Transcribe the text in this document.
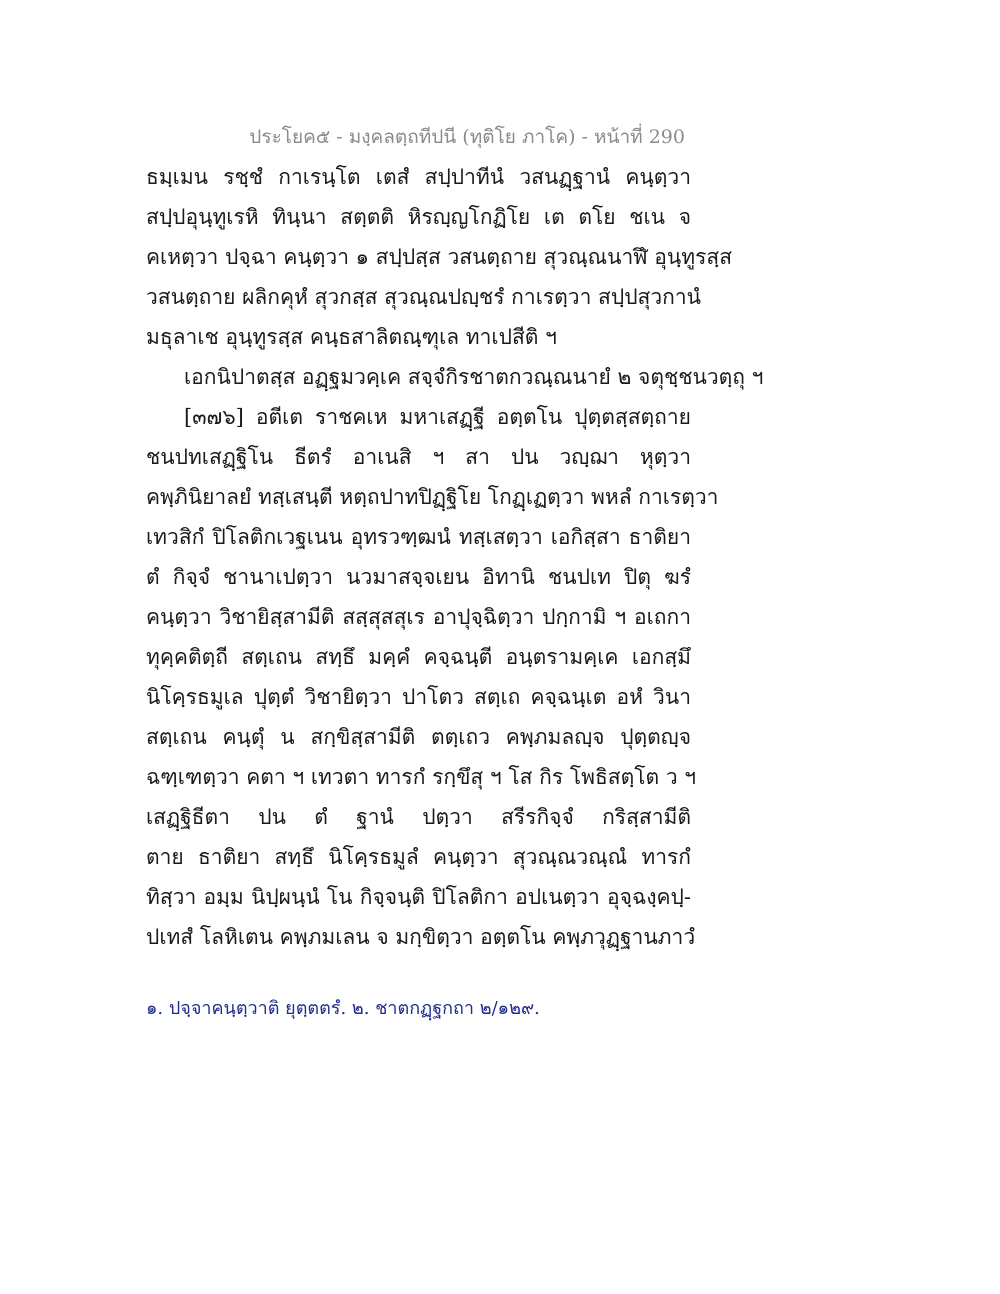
ประโยค๕ - มงฺคลตฺถทีปนี (ทุติโย ภาโค) - หน้าที่ 290
ธมฺเมน รชฺชํ กาเรนฺโต เตสํ สปฺปาทีนํ วสนฏฺฐานํ คนฺตฺวา
สปฺปอุนฺทูเรหิ ทินฺนา สตฺตติ หิรญฺญโกฏิโย เต ตโย ชเน จ
คเหตฺวา ปจฺฉา คนฺตฺวา ๑ สปฺปสฺส วสนตฺถาย สุวณฺณนาฬึ อุนฺทูรสฺส
วสนตฺถาย ผลิกคุหํ สุวกสฺส สุวณฺณปญฺชรํ กาเรตฺวา สปฺปสุวกานํ
มธุลาเช อุนฺทูรสฺส คนฺธสาลิตณฺฑุเล ทาเปสีติ ฯ
เอกนิปาตสฺส อฏฺฐมวคฺเค สจฺจํกิรชาตกวณฺณนายํ ๒ จตุชฺชนวตฺถุ ฯ
[๓๗๖] อตีเต ราชคเห มหาเสฏฺฐี อตฺตโน ปุตฺตสฺสตฺถาย
ชนปทเสฏฺฐิโน ธีตรํ อาเนสิ ฯ สา ปน วญฺฌา หุตฺวา
คพฺภินิยาลยํ ทสฺเสนฺตี หตฺถปาทปิฏฺฐิโย โกฏฺเฏตฺวา พหลํ กาเรตฺวา
เทวสิกํ ปิโลติกเวฐเนน อุทรวฑฺฒนํ ทสฺเสตฺวา เอกิสฺสา ธาติยา
ตํ กิจฺจํ ชานาเปตฺวา นวมาสจฺจเยน อิทานิ ชนปเท ปิตุ ฆรํ
คนฺตฺวา วิชายิสฺสามีติ สสฺสุสสุเร อาปุจฺฉิตฺวา ปกฺกามิ ฯ อเถกา
ทุคฺคติตฺถี สตฺเถน สทฺธึ มคฺคํ คจฺฉนฺตี อนฺตรามคฺเค เอกสฺมึ
นิโคฺรธมูเล ปุตฺตํ วิชายิตฺวา ปาโตว สตฺเถ คจฺฉนฺเต อหํ วินา
สตฺเถน คนฺตุํ น สกฺขิสฺสามีติ ตตฺเถว คพฺภมลญฺจ ปุตฺตญฺจ
ฉฑฺเฑตฺวา คตา ฯ เทวตา ทารกํ รกฺขึสุ ฯ โส กิร โพธิสตฺโต ว ฯ
เสฏฺฐิธีตา ปน ตํ ฐานํ ปตฺวา สรีรกิจฺจํ กริสฺสามีติ
ตาย ธาติยา สทฺธึ นิโคฺรธมูลํ คนฺตฺวา สุวณฺณวณฺณํ ทารกํ
ทิสฺวา อมฺม นิปฺผนฺนํ โน กิจฺจนฺติ ปิโลติกา อปเนตฺวา อุจฺฉงฺคปฺ-
ปเทสํ โลหิเตน คพฺภมเลน จ มกฺขิตฺวา อตฺตโน คพฺภวุฏฺฐานภาวํ
๑. ปจฺจาคนฺตฺวาติ ยุตฺตตรํ. ๒. ชาตกฏฺฐกถา ๒/๑๒๙.
